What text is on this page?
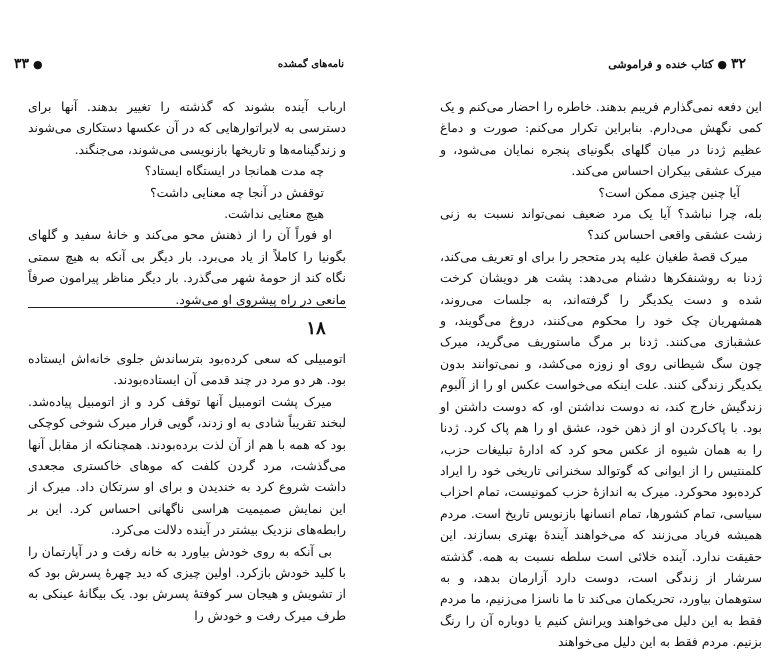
۳۳ ●	نامه‌های گمشده

ارباب آینده بشوند که گذشته را تغییر بدهند. آنها برای دسترسی به لابراتوارهایی که در آن عکسها دستکاری می‌شوند و زندگینامه‌ها و تاریخها بازنویسی می‌شوند، می‌جنگند.

چه مدت همانجا در ایستگاه ایستاد؟

توقفش در آنجا چه معنایی داشت؟

هیچ معنایی نداشت.

او فوراً آن را از ذهنش محو می‌کند و خانهٔ سفید و گلهای بگونیا را کاملاً از یاد می‌برد. بار دیگر بی آنکه به هیچ سمتی نگاه کند از حومهٔ شهر می‌گذرد. بار دیگر مناظر پیرامون صرفاً مانعی در راه پیشروی او می‌شود.

۱۸

اتومبیلی که سعی کرده‌بود بترساندش جلوی خانه‌اش ایستاده بود. هر دو مرد در چند قدمی آن ایستاده‌بودند.

میرک پشت اتومبیل آنها توقف کرد و از اتومبیل پیاده‌شد. لبخند تقریباً شادی به او زدند، گویی قرار میرک شوخی کوچکی بود که همه با هم از آن لذت برده‌بودند. همچنانکه از مقابل آنها می‌گذشت، مرد گردن کلفت که موهای خاکستری مجعدی داشت شروع کرد به خندیدن و برای او سرتکان داد. میرک از این نمایش صمیمیت هراسی ناگهانی احساس کرد. این بر رابطه‌های نزدیک بیشتر در آینده دلالت می‌کرد.

بی آنکه به روی خودش بیاورد به خانه رفت و در آپارتمان را با کلید خودش بازکرد. اولین چیزی که دید چهرهٔ پسرش بود که از تشویش و هیجان سر کوفته‌ٔ پسرش بود. یک بیگانهٔ عینکی به طرف میرک رفت و خودش را

۳۲
●
کتاب خنده و فراموشی

این دفعه نمی‌گذارم فریبم بدهند. خاطره را احضار می‌کنم و یک کمی نگهش می‌دارم. بنابراین تکرار می‌کنم: صورت و دماغ عظیم ژدنا در میان گلهای بگونیای پنجره نمایان می‌شود، و میرک عشقی بیکران احساس می‌کند.

آیا چنین چیزی ممکن است؟

بله، چرا نباشد؟ آیا یک مرد ضعیف نمی‌تواند نسبت به زنی زشت عشقی واقعی احساس کند؟

میرک قصهٔ طغیان علیه پدر متحجر را برای او تعریف می‌کند، ژدنا به روشنفکرها دشنام می‌دهد: پشت هر دویشان کرخت شده و دست یکدیگر را گرفته‌اند، به جلسات می‌روند، همشهریان چک خود را محکوم می‌کنند، دروغ می‌گویند، و عشقبازی می‌کنند. ژدنا بر مرگ ماستوریف می‌گرید، میرک چون سگ شیطانی روی او زوزه می‌کشد، و نمی‌توانند بدون یکدیگر زندگی کنند. علت اینکه می‌خواست عکس او را از آلبوم زندگیش خارج کند، نه دوست نداشتن او، که دوست داشتن او بود. با پاک‌کردن او از ذهن خود، عشق او را هم پاک کرد. ژدنا را به همان شیوه از عکس محو کرد که ادارهٔ تبلیغات حزب، کلمنتیس را از ایوانی که گوتوالد سخنرانی تاریخی خود را ایراد کرده‌بود محوکرد. میرک به اندازهٔ حزب کمونیست، تمام احزاب سیاسی، تمام کشورها، تمام انسانها بازنویس تاریخ است. مردم همیشه فریاد می‌زنند که می‌خواهند آیندهٔ بهتری بسازند. این حقیقت ندارد. آینده خلائی است سلطه نسبت به همه. گذشته سرشار از زندگی است، دوست دارد آزارمان بدهد، و به ستوهمان بیاورد، تحریکمان می‌کند تا ما ناسزا می‌زنیم، ما مردم فقط به این دلیل می‌خواهند ویرانش کنیم یا دوباره آن را رنگ بزنیم. مردم فقط به این دلیل می‌خواهند
